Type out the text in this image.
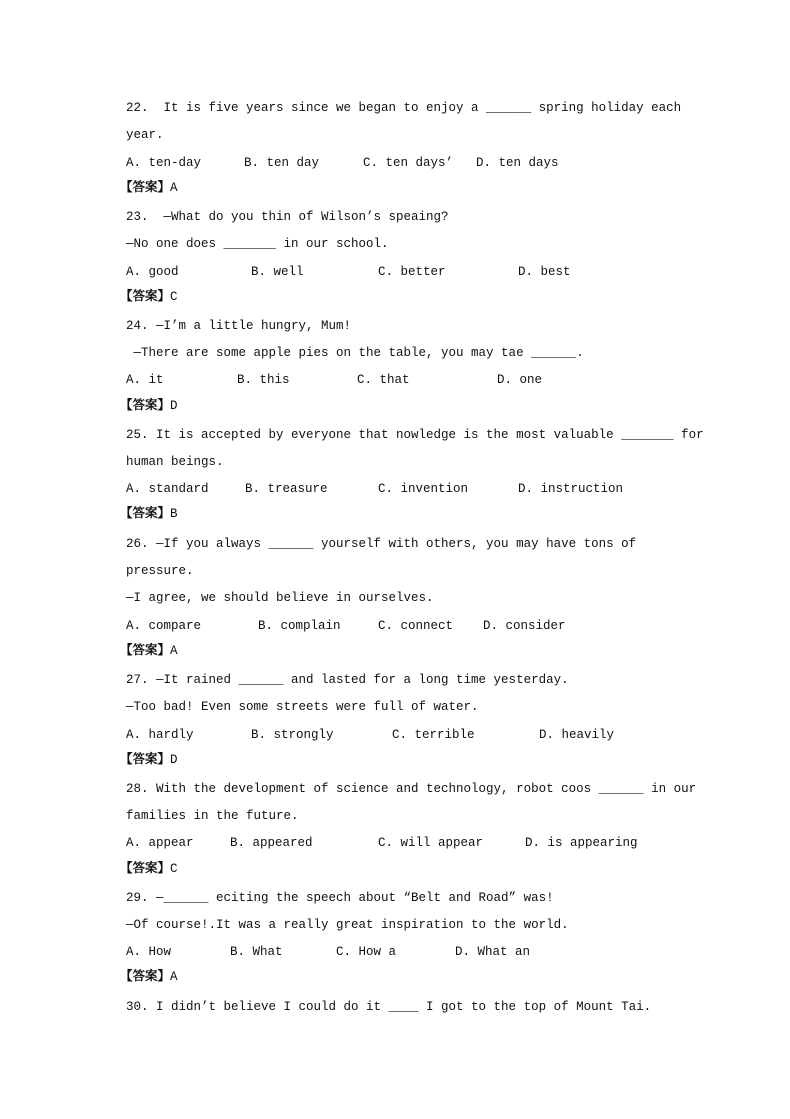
22.  It is five years since we began to enjoy a ______ spring holiday each
year.
A. ten-day	B. ten day	C. ten days’ D. ten days
【答案】A
23.  ―What do you thin of Wilson’s speaing?
—No one does _______ in our school.
A. good	B. well	C. better	D. best
【答案】C
24. ―I’m a little hungry, Mum!
—There are some apple pies on the table, you may tae ______.
A. it	B. this	C. that	D. one
【答案】D
25. It is accepted by everyone that nowledge is the most valuable _______ for
human beings.
A. standard	B. treasure	C. invention	D. instruction
【答案】B
26. ―If you always ______ yourself with others, you may have tons of
pressure.
—I agree, we should believe in ourselves.
A. compare	B. complain	C. connect D. consider
【答案】A
27. ―It rained ______ and lasted for a long time yesterday.
—Too bad! Even some streets were full of water.
A. hardly	B. strongly	C. terrible	D. heavily
【答案】D
28. With the development of science and technology, robot coos ______ in our
families in the future.
A. appear	B. appeared	C. will appear	D. is appearing
【答案】C
29. —______ eciting the speech about “Belt and Road” was!
—Of course!.It was a really great inspiration to the world.
A. How	B. What	C. How a	D. What an
【答案】A
30. I didn’t believe I could do it ____ I got to the top of Mount Tai.
